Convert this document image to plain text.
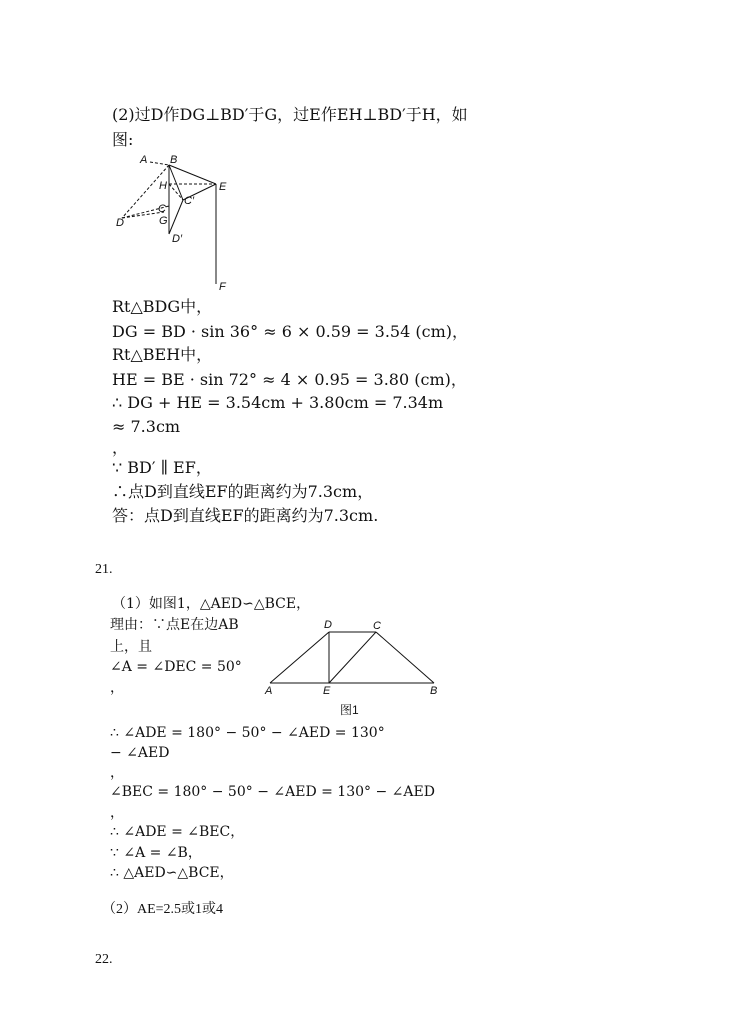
(2)过D作DG⊥BD′于G，过E作EH⊥BD′于H，如
图:
A B
E
H
C′
C
D	G
D′
F
Rt△BDG中，
DG = BD · sin 36° ≈ 6 × 0.59 = 3.54 (cm)，
Rt△BEH中，
HE = BE · sin 72° ≈ 4 × 0.95 = 3.80 (cm)，
∴ DG + HE = 3.54cm + 3.80cm = 7.34m
≈ 7.3cm
，
∵ BD′ ∥ EF，
∴点D到直线EF的距离约为7.3cm，
答：点D到直线EF的距离约为7.3cm.
21.
（1）如图1，△AED∽△BCE，
理由：∵点E在边AB
上，且
∠A = ∠DEC = 50°
，
D	C
A	E	B
图1
∴ ∠ADE = 180° − 50° − ∠AED = 130°
− ∠AED
，
∠BEC = 180° − 50° − ∠AED = 130° − ∠AED
，
∴ ∠ADE = ∠BEC，
∵ ∠A = ∠B，
∴ △AED∽△BCE，
（2）AE=2.5或1或4
22.
